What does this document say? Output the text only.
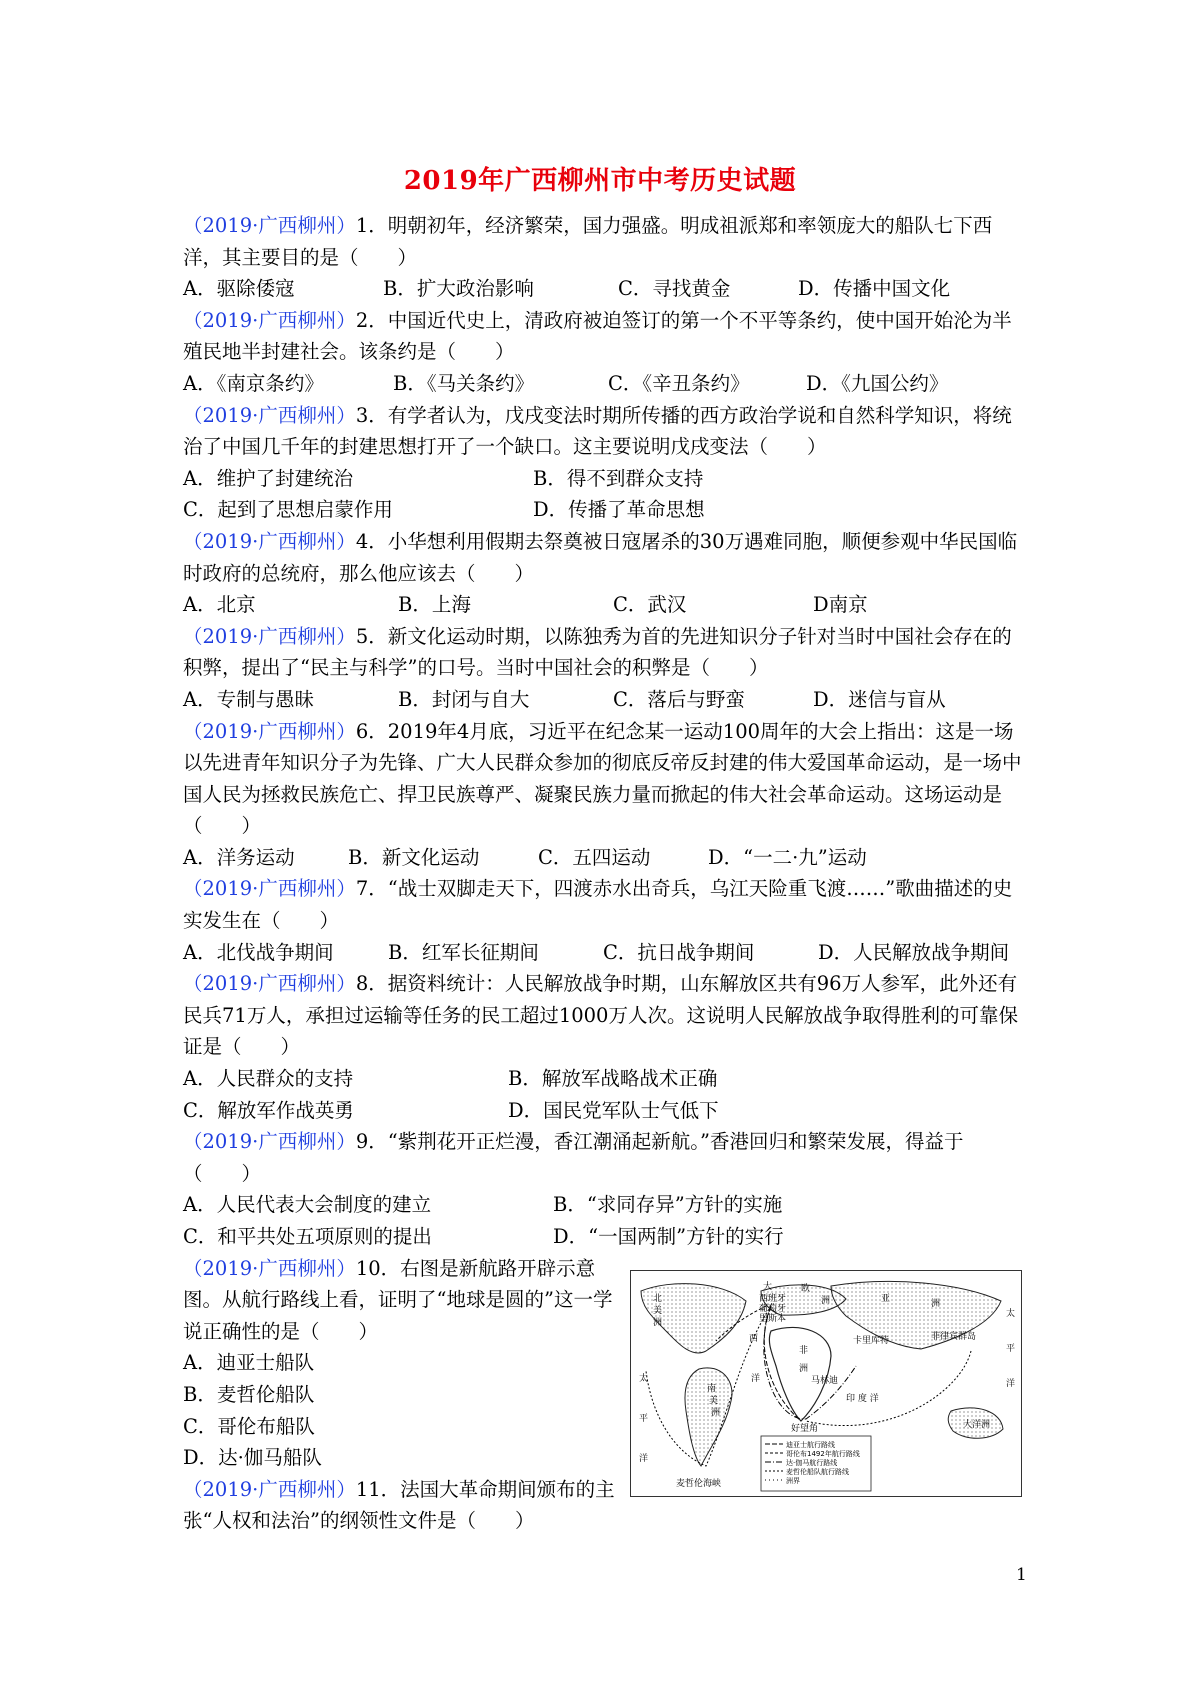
2019年广西柳州市中考历史试题

（2019·广西柳州）1．明朝初年，经济繁荣，国力强盛。明成祖派郑和率领庞大的船队七下西洋，其主要目的是（　　）

A．驱除倭寇	B．扩大政治影响	C．寻找黄金	D．传播中国文化

（2019·广西柳州）2．中国近代史上，清政府被迫签订的第一个不平等条约，使中国开始沦为半殖民地半封建社会。该条约是（　　）

A．《南京条约》	B．《马关条约》	C．《辛丑条约》	D．《九国公约》

（2019·广西柳州）3．有学者认为，戊戌变法时期所传播的西方政治学说和自然科学知识，将统治了中国几千年的封建思想打开了一个缺口。这主要说明戊戌变法（　　）

A．维护了封建统治	B．得不到群众支持
C．起到了思想启蒙作用	D．传播了革命思想

（2019·广西柳州）4．小华想利用假期去祭奠被日寇屠杀的30万遇难同胞，顺便参观中华民国临时政府的总统府，那么他应该去（　　）

A．北京	B．上海	C．武汉	D南京

（2019·广西柳州）5．新文化运动时期，以陈独秀为首的先进知识分子针对当时中国社会存在的积弊，提出了“民主与科学”的口号。当时中国社会的积弊是（　　）

A．专制与愚昧	B．封闭与自大	C．落后与野蛮	D．迷信与盲从

（2019·广西柳州）6．2019年4月底，习近平在纪念某一运动100周年的大会上指出：这是一场以先进青年知识分子为先锋、广大人民群众参加的彻底反帝反封建的伟大爱国革命运动，是一场中国人民为拯救民族危亡、捍卫民族尊严、凝聚民族力量而掀起的伟大社会革命运动。这场运动是（　　）

A．洋务运动	B．新文化运动	C．五四运动	D．“一二·九”运动

（2019·广西柳州）7．“战士双脚走天下，四渡赤水出奇兵，乌江天险重飞渡……”歌曲描述的史实发生在（　　）

A．北伐战争期间	B．红军长征期间	C．抗日战争期间	D．人民解放战争期间

（2019·广西柳州）8．据资料统计：人民解放战争时期，山东解放区共有96万人参军，此外还有民兵71万人，承担过运输等任务的民工超过1000万人次。这说明人民解放战争取得胜利的可靠保证是（　　）

A．人民群众的支持	B．解放军战略战术正确
C．解放军作战英勇	D．国民党军队士气低下

（2019·广西柳州）9．“紫荆花开正烂漫，香江潮涌起新航。”香港回归和繁荣发展，得益于（　　）

A．人民代表大会制度的建立	B．“求同存异”方针的实施
C．和平共处五项原则的提出	D．“一国两制”方针的实行

（2019·广西柳州）10．右图是新航路开辟示意图。从航行路线上看，证明了“地球是圆的”这一学说正确性的是（　　）

A．迪亚士船队
B．麦哲伦船队
C．哥伦布船队
D．达·伽马船队

（2019·广西柳州）11．法国大革命期间颁布的主张“人权和法治”的纲领性文件是（　　）

北
美
洲
欧
洲	亚	洲
非
洲
南
美
洲
大洋洲
大
西
洋
太
平
洋
太
平
洋
印 度 洋
西班牙
葡萄牙
里斯本
卡里库特	菲律宾群岛
好望角
麦哲伦海峡
马林迪
迪亚士航行路线
哥伦布1492年航行路线
达·伽马航行路线
麦哲伦船队航行路线
洲界
1
